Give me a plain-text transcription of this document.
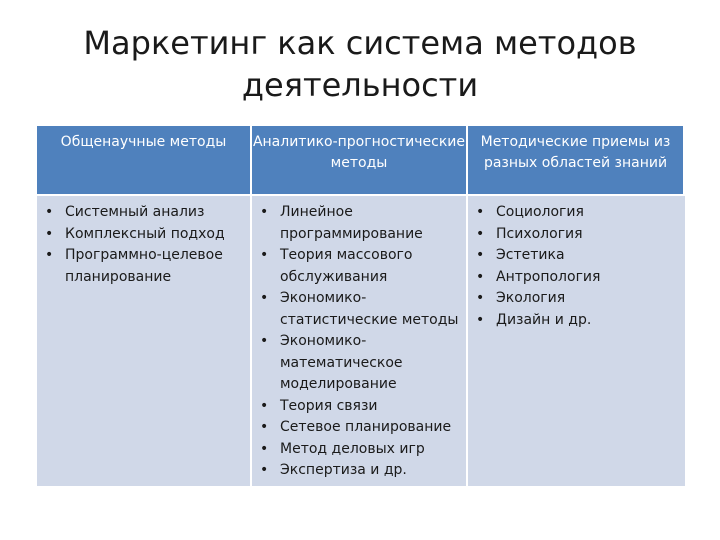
Маркетинг как система методов деятельности
Общенаучные методы	Аналитико-прогностические методы
Методические приемы из разных областей знаний
• Системный анализ
• Комплексный подход
• Программно-целевое планирование
• Линейное программирование
• Теория массового обслуживания
• Экономико-статистические методы
• Экономико-математическое моделирование
• Теория связи
• Сетевое планирование
• Метод деловых игр
• Экспертиза и др.
• Социология
• Психология
• Эстетика
• Антропология
• Экология
• Дизайн и др.
